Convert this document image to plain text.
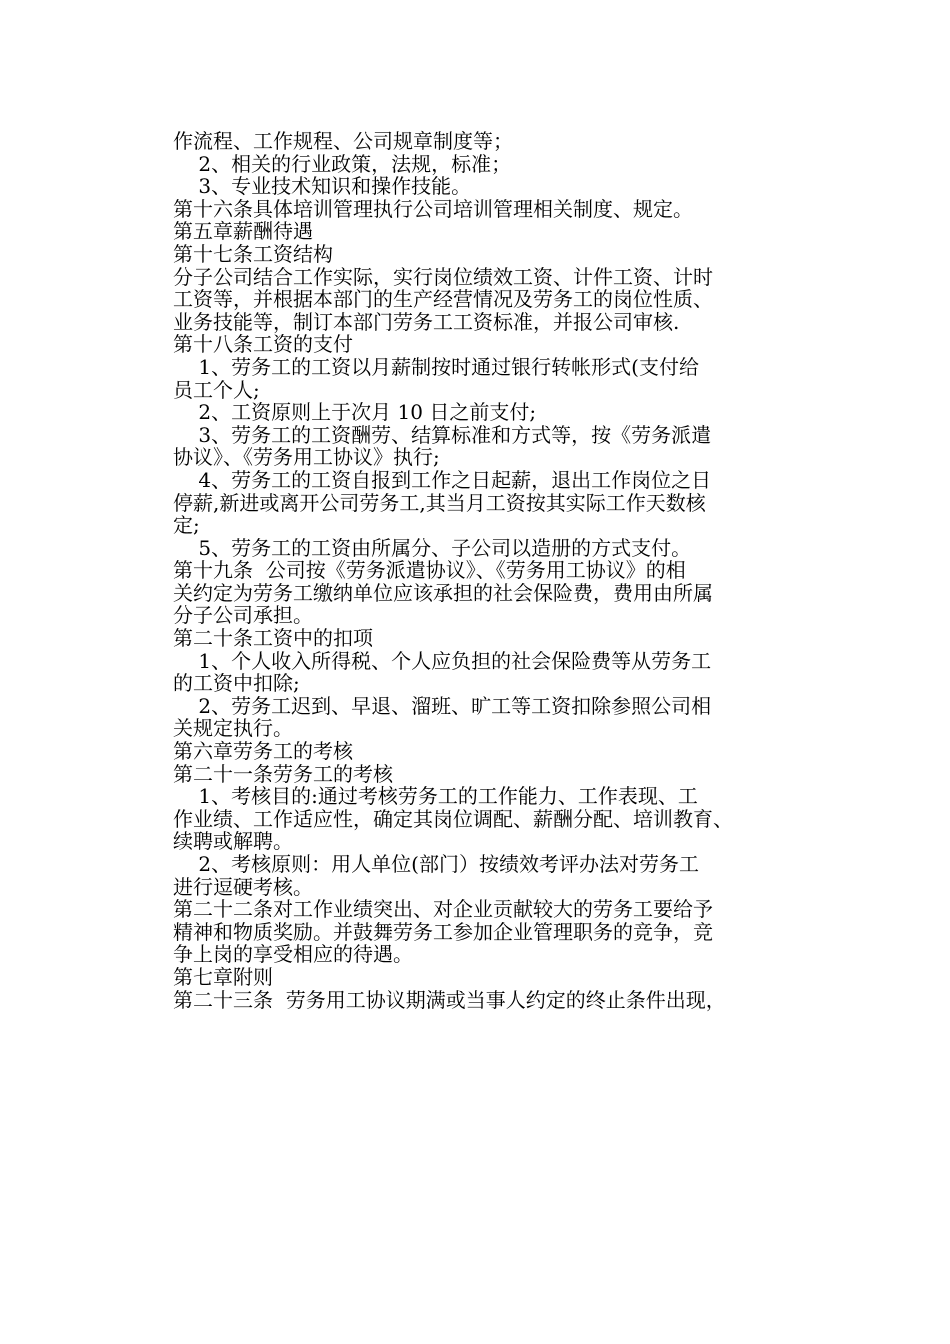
作流程、工作规程、公司规章制度等；
2、相关的行业政策，法规，标准；
3、专业技术知识和操作技能。
第十六条具体培训管理执行公司培训管理相关制度、规定。
第五章薪酬待遇
第十七条工资结构
分子公司结合工作实际，实行岗位绩效工资、计件工资、计时
工资等，并根据本部门的生产经营情况及劳务工的岗位性质、
业务技能等，制订本部门劳务工工资标准，并报公司审核.
第十八条工资的支付
1、劳务工的工资以月薪制按时通过银行转帐形式(支付给
员工个人;
2、工资原则上于次月 10 日之前支付;
3、劳务工的工资酬劳、结算标准和方式等，按《劳务派遣
协议》、《劳务用工协议》执行;
4、劳务工的工资自报到工作之日起薪，退出工作岗位之日
停薪,新进或离开公司劳务工,其当月工资按其实际工作天数核
定;
5、劳务工的工资由所属分、子公司以造册的方式支付。
第十九条  公司按《劳务派遣协议》、《劳务用工协议》的相
关约定为劳务工缴纳单位应该承担的社会保险费，费用由所属
分子公司承担。
第二十条工资中的扣项
1、个人收入所得税、个人应负担的社会保险费等从劳务工
的工资中扣除;
2、劳务工迟到、早退、溜班、旷工等工资扣除参照公司相
关规定执行。
第六章劳务工的考核
第二十一条劳务工的考核
1、考核目的:通过考核劳务工的工作能力、工作表现、工
作业绩、工作适应性，确定其岗位调配、薪酬分配、培训教育、
续聘或解聘。
2、考核原则：用人单位(部门）按绩效考评办法对劳务工
进行逗硬考核。
第二十二条对工作业绩突出、对企业贡献较大的劳务工要给予
精神和物质奖励。并鼓舞劳务工参加企业管理职务的竞争，竞
争上岗的享受相应的待遇。
第七章附则
第二十三条  劳务用工协议期满或当事人约定的终止条件出现，
